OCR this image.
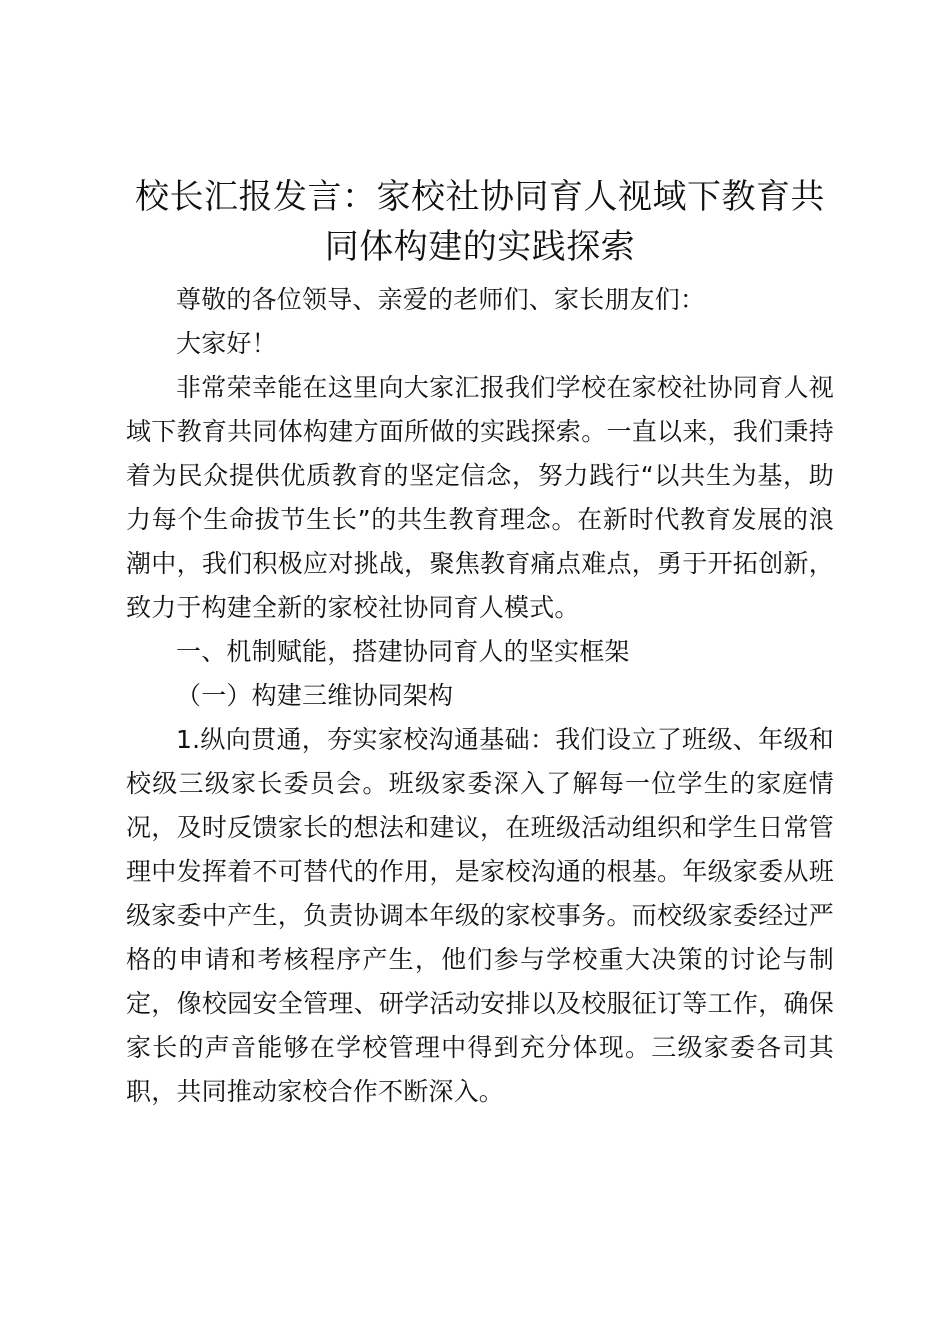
校长汇报发言：家校社协同育人视域下教育共同体构建的实践探索

尊敬的各位领导、亲爱的老师们、家长朋友们：

大家好！

非常荣幸能在这里向大家汇报我们学校在家校社协同育人视域下教育共同体构建方面所做的实践探索。一直以来，我们秉持着为民众提供优质教育的坚定信念，努力践行“以共生为基，助力每个生命拔节生长”的共生教育理念。在新时代教育发展的浪潮中，我们积极应对挑战，聚焦教育痛点难点，勇于开拓创新，致力于构建全新的家校社协同育人模式。

一、机制赋能，搭建协同育人的坚实框架

（一）构建三维协同架构

1.纵向贯通，夯实家校沟通基础：我们设立了班级、年级和校级三级家长委员会。班级家委深入了解每一位学生的家庭情况，及时反馈家长的想法和建议，在班级活动组织和学生日常管理中发挥着不可替代的作用，是家校沟通的根基。年级家委从班级家委中产生，负责协调本年级的家校事务。而校级家委经过严格的申请和考核程序产生，他们参与学校重大决策的讨论与制定，像校园安全管理、研学活动安排以及校服征订等工作，确保家长的声音能够在学校管理中得到充分体现。三级家委各司其职，共同推动家校合作不断深入。
